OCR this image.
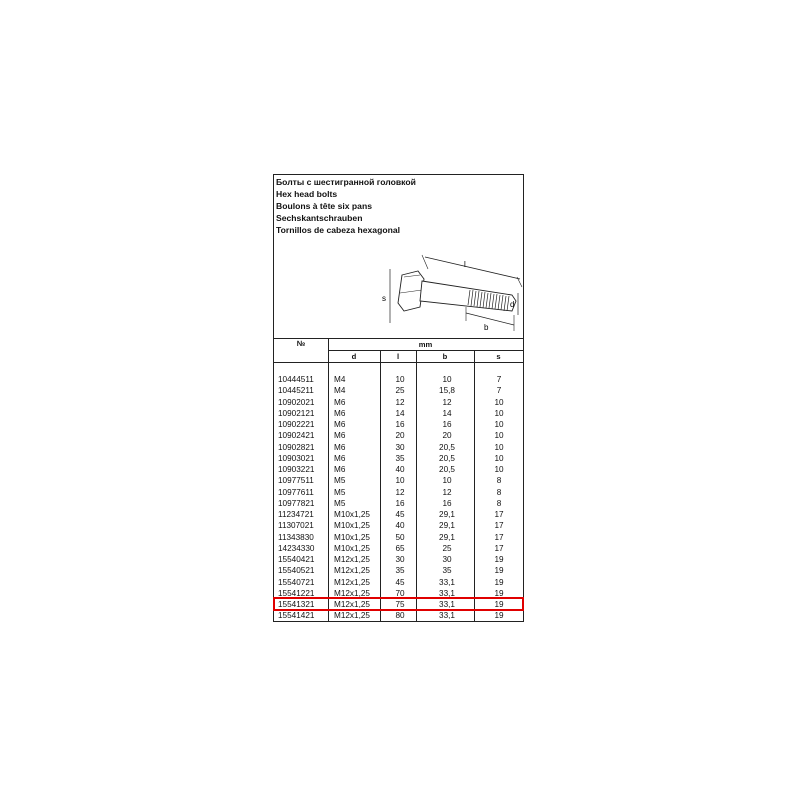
Болты с шестигранной головкой
Hex head bolts
Boulons à tête six pans
Sechskantschrauben
Tornillos de cabeza hexagonal
l
s
b
d
№	mm
d	l	b	s
10444511 M4	10	10	7
10445211 M4	25	15,8	7
10902021 M6	12	12	10
10902121 M6	14	14	10
10902221 M6	16	16	10
10902421 M6	20	20	10
10902821 M6	30	20,5	10
10903021 M6	35	20,5	10
10903221 M6	40	20,5	10
10977511 M5	10	10	8
10977611 M5	12	12	8
10977821 M5	16	16	8
11234721 M10x1,25	45	29,1	17
11307021 M10x1,25	40	29,1	17
11343830 M10x1,25	50	29,1	17
14234330 M10x1,25	65	25	17
15540421 M12x1,25	30	30	19
15540521 M12x1,25	35	35	19
15540721 M12x1,25	45	33,1	19
15541221 M12x1,25	70	33,1	19
15541321 M12x1,25	75	33,1	19
15541421 M12x1,25	80	33,1	19
